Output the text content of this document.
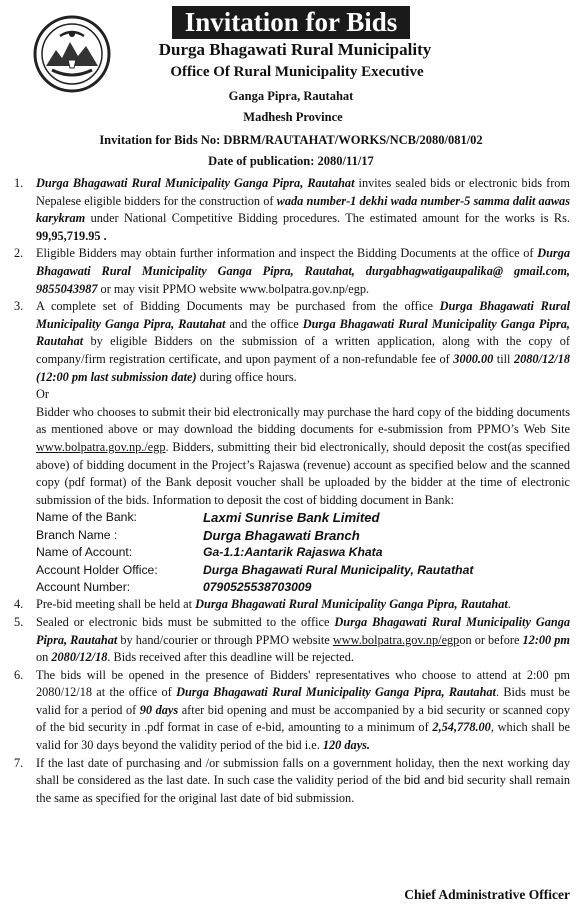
Invitation for Bids
Durga Bhagawati Rural Municipality
Office Of Rural Municipality Executive
Ganga Pipra, Rautahat
Madhesh Province
Invitation for Bids No: DBRM/RAUTAHAT/WORKS/NCB/2080/081/02
Date of publication: 2080/11/17
1.	Durga Bhagawati Rural Municipality Ganga Pipra, Rautahat invites sealed bids or electronic bids from Nepalese eligible bidders for the construction of wada number-1 dekhi wada number-5 samma dalit aawas karykram under National Competitive Bidding procedures. The estimated amount for the works is Rs. 99,95,719.95 .
2.	Eligible Bidders may obtain further information and inspect the Bidding Documents at the office of Durga Bhagawati Rural Municipality Ganga Pipra, Rautahat, durgabhagwatigaupalika@ gmail.com, 9855043987 or may visit PPMO website www.bolpatra.gov.np/egp.
3.	A complete set of Bidding Documents may be purchased from the office Durga Bhagawati Rural Municipality Ganga Pipra, Rautahat and the office Durga Bhagawati Rural Municipality Ganga Pipra, Rautahat by eligible Bidders on the submission of a written application, along with the copy of company/firm registration certificate, and upon payment of a non-refundable fee of 3000.00 till 2080/12/18 (12:00 pm last submission date) during office hours.
Or
Bidder who chooses to submit their bid electronically may purchase the hard copy of the bidding documents as mentioned above or may download the bidding documents for e-submission from PPMO’s Web Site www.bolpatra.gov.np./egp. Bidders, submitting their bid electronically, should deposit the cost(as specified above) of bidding document in the Project’s Rajaswa (revenue) account as specified below and the scanned copy (pdf format) of the Bank deposit voucher shall be uploaded by the bidder at the time of electronic submission of the bids. Information to deposit the cost of bidding document in Bank:
Name of the Bank:	Laxmi Sunrise Bank Limited
Branch Name :	Durga Bhagawati Branch
Name of Account:	Ga-1.1:Aantarik Rajaswa Khata
Account Holder Office:	Durga Bhagawati Rural Municipality, Rautathat
Account Number:	0790525538703009
4.	Pre-bid meeting shall be held at Durga Bhagawati Rural Municipality Ganga Pipra, Rautahat.
5.	Sealed or electronic bids must be submitted to the office Durga Bhagawati Rural Municipality Ganga Pipra, Rautahat by hand/courier or through PPMO website www.bolpatra.gov.np/egpon or before 12:00 pm on 2080/12/18. Bids received after this deadline will be rejected.
6.	The bids will be opened in the presence of Bidders' representatives who choose to attend at 2:00 pm 2080/12/18 at the office of Durga Bhagawati Rural Municipality Ganga Pipra, Rautahat. Bids must be valid for a period of 90 days after bid opening and must be accompanied by a bid security or scanned copy of the bid security in .pdf format in case of e-bid, amounting to a minimum of 2,54,778.00, which shall be valid for 30 days beyond the validity period of the bid i.e. 120 days.
7.	If the last date of purchasing and /or submission falls on a government holiday, then the next working day shall be considered as the last date. In such case the validity period of the bid and bid security shall remain the same as specified for the original last date of bid submission.
Chief Administrative Officer
